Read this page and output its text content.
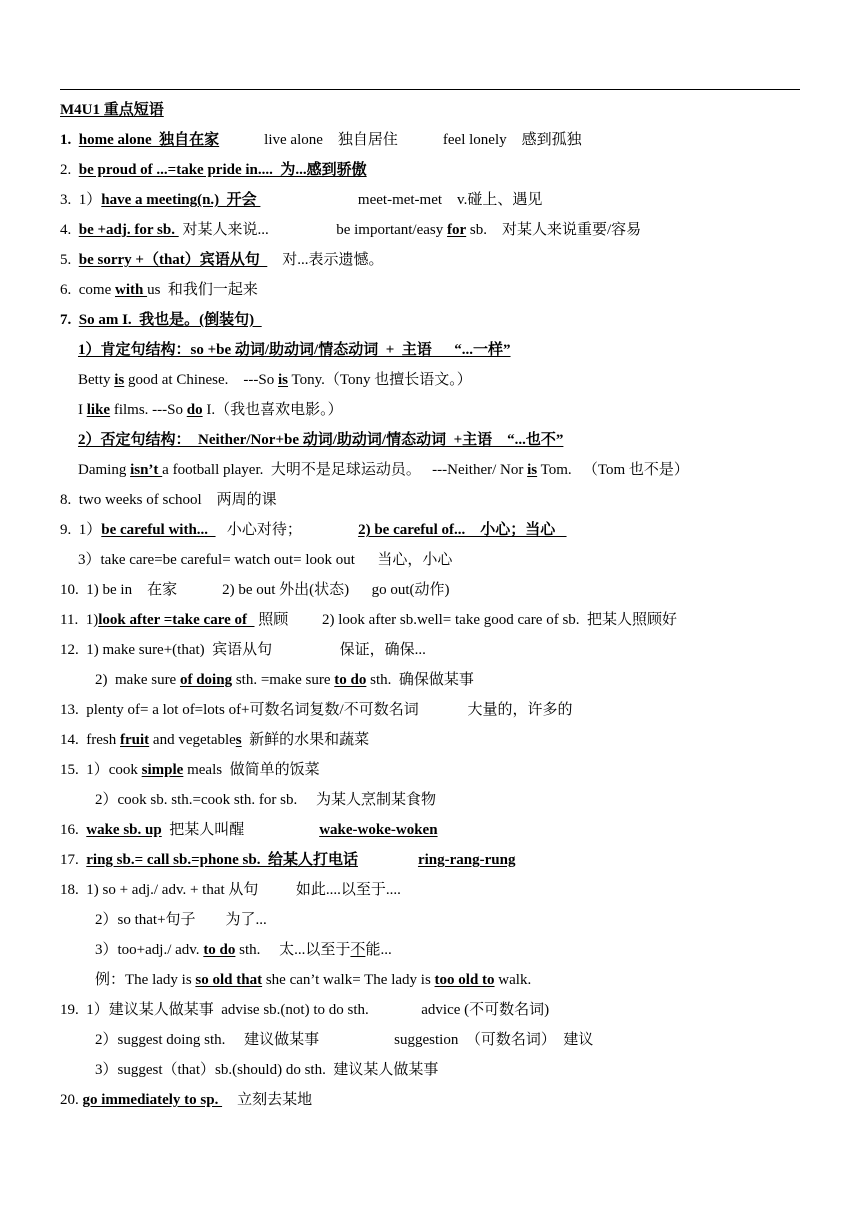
M4U1 重点短语
1.  home alone  独自在家            live alone    独自居住            feel lonely    感到孤独
2.  be proud of ...=take pride in....  为...感到骄傲
3.  1）have a meeting(n.)  开会                           meet-met-met    v.碰上、遇见
4.  be +adj. for sb.  对某人来说...                  be important/easy for sb.    对某人来说重要/容易
5.  be sorry +（that）宾语从句      对...表示遗憾。
6.  come with us  和我们一起来
7.  So am I.  我也是。(倒装句)
1）肯定句结构：so +be 动词/助动词/情态动词  +  主语      “...一样”
Betty is good at Chinese.    ---So is Tony.（Tony 也擅长语文。）
I like films. ---So do I.（我也喜欢电影。）
2）否定句结构：  Neither/Nor+be 动词/助动词/情态动词  +主语    “...也不”
Daming isn’t a football player.  大明不是足球运动员。   ---Neither/ Nor is Tom.   （Tom 也不是）
8.  two weeks of school    两周的课
9.  1）be careful with...     小心对待；               2) be careful of...    小心；当心
3）take care=be careful= watch out= look out      当心，小心
10.  1) be in    在家            2) be out 外出(状态)      go out(动作)
11.  1)look after =take care of   照顾         2) look after sb.well= take good care of sb.  把某人照顾好
12.  1) make sure+(that)  宾语从句                  保证，确保...
2)  make sure of doing sth. =make sure to do sth.  确保做某事
13.  plenty of= a lot of=lots of+可数名词复数/不可数名词             大量的，许多的
14.  fresh fruit and vegetables  新鲜的水果和蔬菜
15.  1）cook simple meals  做简单的饭菜
2）cook sb. sth.=cook sth. for sb.     为某人烹制某食物
16.  wake sb. up  把某人叫醒                    wake-woke-woken
17.  ring sb.= call sb.=phone sb.  给某人打电话	ring-rang-rung
18.  1) so + adj./ adv. + that 从句          如此....以至于....
2）so that+句子        为了...
3）too+adj./ adv. to do sth.     太...以至于不能...
例：The lady is so old that she can’t walk= The lady is too old to walk.
19.  1）建议某人做某事  advise sb.(not) to do sth.              advice (不可数名词)
2）suggest doing sth.     建议做某事                    suggestion  （可数名词）  建议
3）suggest（that）sb.(should) do sth.  建议某人做某事
20. go immediately to sp.     立刻去某地
